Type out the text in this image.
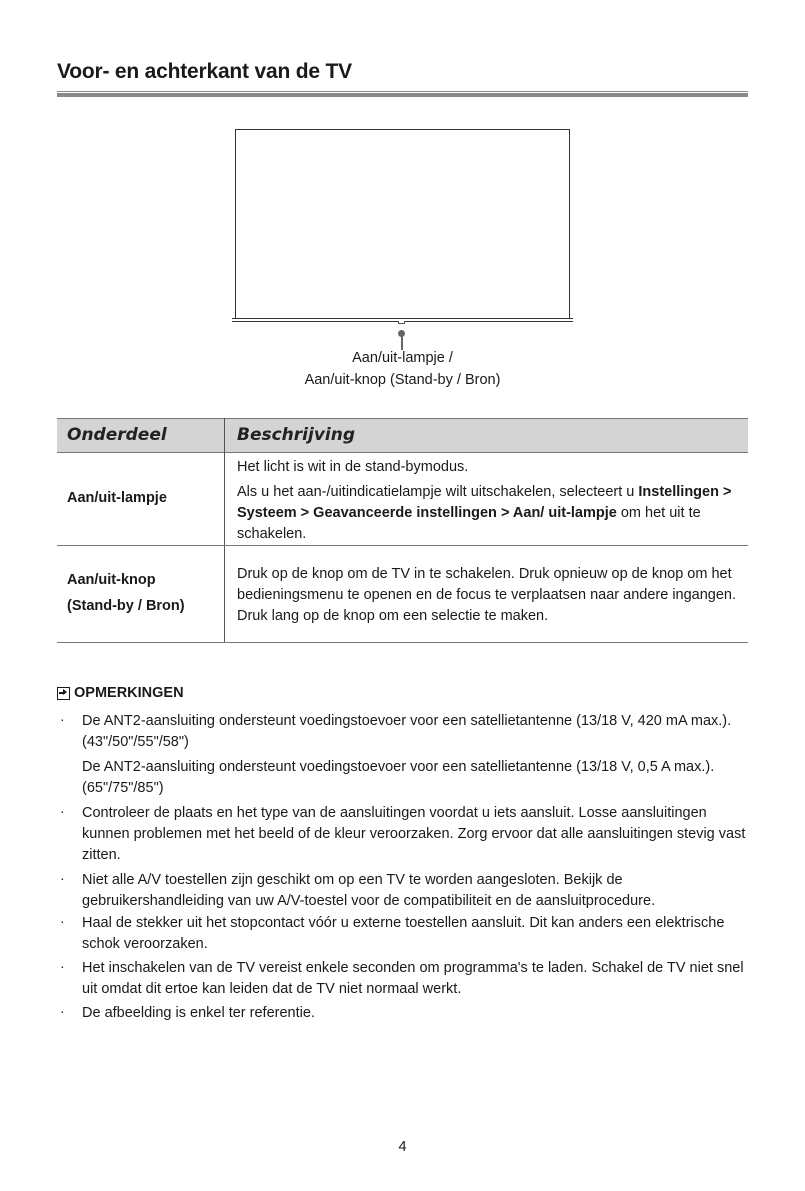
Voor- en achterkant van de TV
Aan/uit-lampje /
Aan/uit-knop (Stand-by / Bron)
Onderdeel	Beschrijving
Aan/uit-lampje
Het licht is wit in de stand-bymodus.
Als u het aan-/uitindicatielampje wilt uitschakelen, selecteert u Instellingen > Systeem > Geavanceerde instellingen > Aan/ uit-lampje om het uit te schakelen.
Aan/uit-knop
(Stand-by / Bron)
Druk op de knop om de TV in te schakelen. Druk opnieuw op de knop om het bedieningsmenu te openen en de focus te verplaatsen naar andere ingangen. Druk lang op de knop om een selectie te maken.
OPMERKINGEN
· De ANT2-aansluiting ondersteunt voedingstoevoer voor een satellietantenne (13/18 V, 420 mA max.). (43"/50"/55"/58")
De ANT2-aansluiting ondersteunt voedingstoevoer voor een satellietantenne (13/18 V, 0,5 A max.). (65"/75"/85")
· Controleer de plaats en het type van de aansluitingen voordat u iets aansluit. Losse aansluitingen kunnen problemen met het beeld of de kleur veroorzaken. Zorg ervoor dat alle aansluitingen stevig vast zitten.
· Niet alle A/V toestellen zijn geschikt om op een TV te worden aangesloten. Bekijk de gebruikershandleiding van uw A/V-toestel voor de compatibiliteit en de aansluitprocedure.
· Haal de stekker uit het stopcontact vóór u externe toestellen aansluit. Dit kan anders een elektrische schok veroorzaken.
· Het inschakelen van de TV vereist enkele seconden om programma's te laden. Schakel de TV niet snel uit omdat dit ertoe kan leiden dat de TV niet normaal werkt.
· De afbeelding is enkel ter referentie.
4
